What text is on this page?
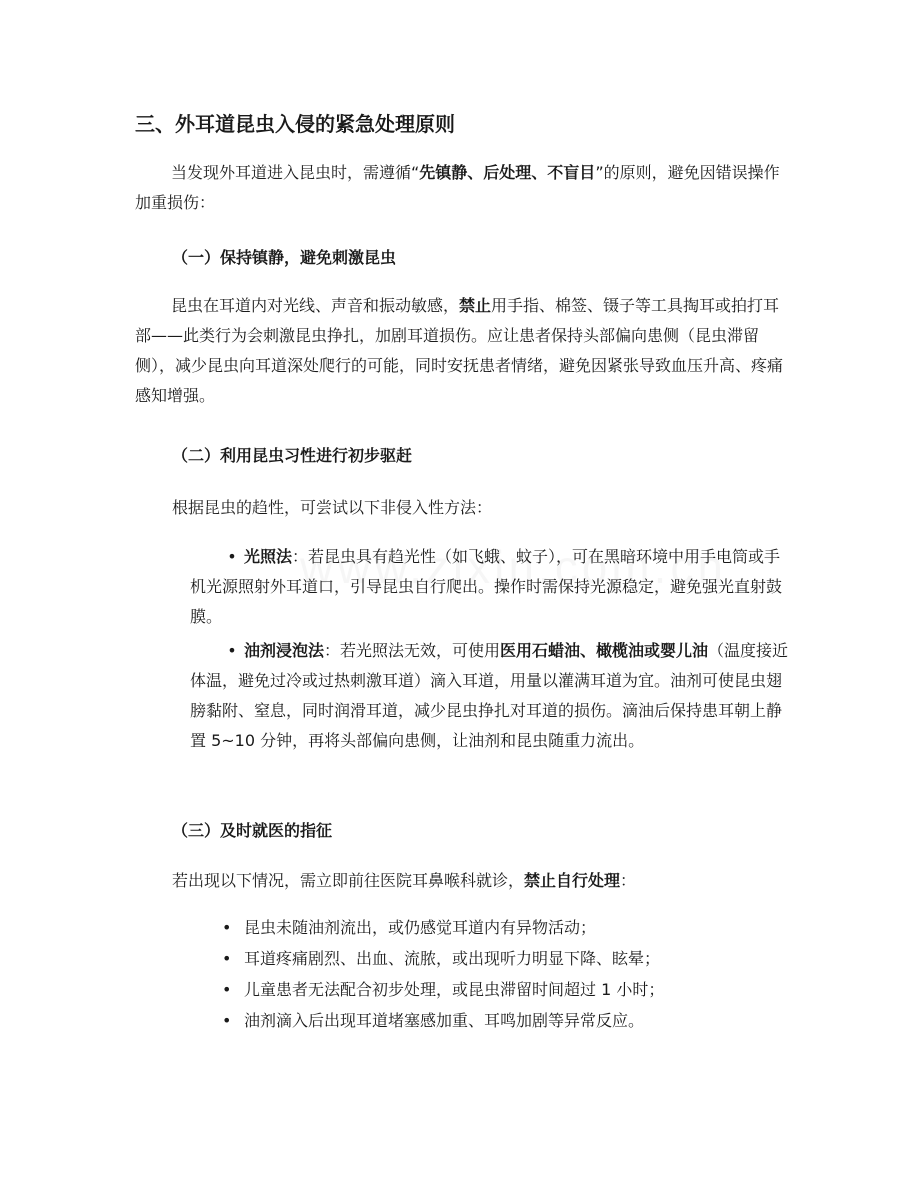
三、外耳道昆虫入侵的紧急处理原则

当发现外耳道进入昆虫时，需遵循“先镇静、后处理、不盲目”的原则，避免因错误操作加重损伤：

（一）保持镇静，避免刺激昆虫

昆虫在耳道内对光线、声音和振动敏感，禁止用手指、棉签、镊子等工具掏耳或拍打耳部——此类行为会刺激昆虫挣扎，加剧耳道损伤。应让患者保持头部偏向患侧（昆虫滞留侧），减少昆虫向耳道深处爬行的可能，同时安抚患者情绪，避免因紧张导致血压升高、疼痛感知增强。

（二）利用昆虫习性进行初步驱赶
根据昆虫的趋性，可尝试以下非侵入性方法：

• 光照法：若昆虫具有趋光性（如飞蛾、蚊子），可在黑暗环境中用手电筒或手机光源照射外耳道口，引导昆虫自行爬出。操作时需保持光源稳定，避免强光直射鼓膜。

• 油剂浸泡法：若光照法无效，可使用医用石蜡油、橄榄油或婴儿油（温度接近体温，避免过冷或过热刺激耳道）滴入耳道，用量以灌满耳道为宜。油剂可使昆虫翅膀黏附、窒息，同时润滑耳道，减少昆虫挣扎对耳道的损伤。滴油后保持患耳朝上静置 5~10 分钟，再将头部偏向患侧，让油剂和昆虫随重力流出。

（三）及时就医的指征
若出现以下情况，需立即前往医院耳鼻喉科就诊，禁止自行处理：
• 昆虫未随油剂流出，或仍感觉耳道内有异物活动；
• 耳道疼痛剧烈、出血、流脓，或出现听力明显下降、眩晕；
• 儿童患者无法配合初步处理，或昆虫滞留时间超过 1 小时；
• 油剂滴入后出现耳道堵塞感加重、耳鸣加剧等异常反应。
